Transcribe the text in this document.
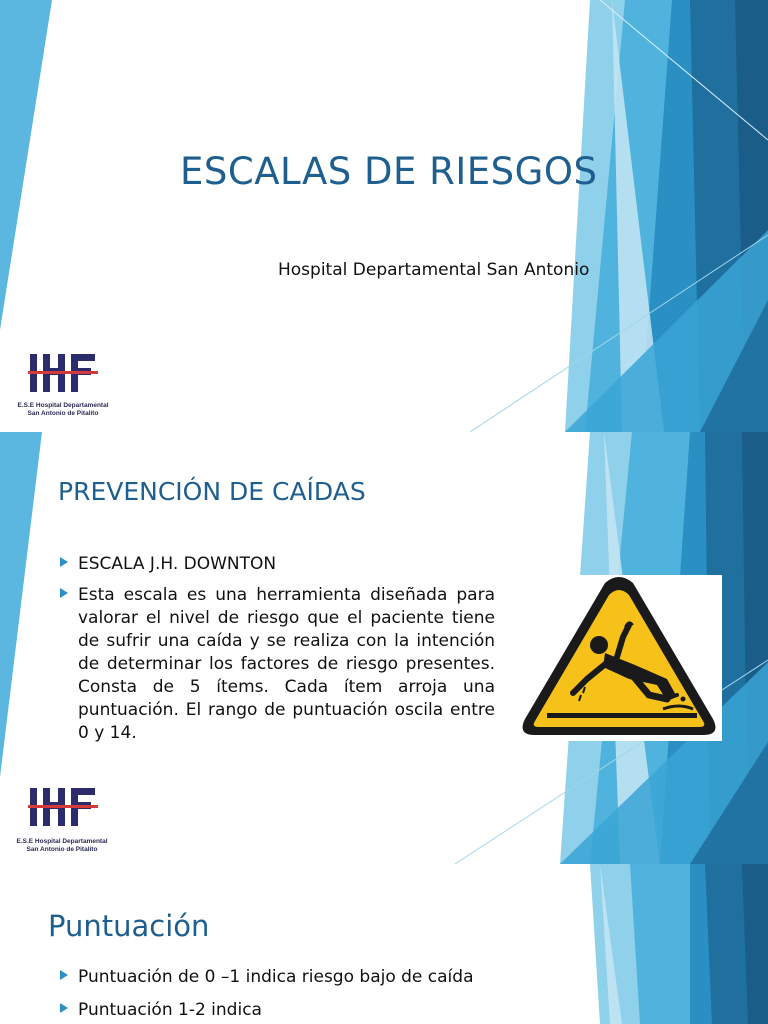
ESCALAS DE RIESGOS
Hospital Departamental San Antonio
E.S.E Hospital Departamental
San Antonio de Pitalito
PREVENCIÓN DE CAÍDAS
ESCALA J.H. DOWNTON
Esta escala es una herramienta diseñada para valorar el nivel de riesgo que el paciente tiene de sufrir una caída y se realiza con la intención de determinar los factores de riesgo presentes. Consta de 5 ítems. Cada ítem arroja una puntuación. El rango de puntuación oscila entre 0 y 14.
E.S.E Hospital Departamental
San Antonio de Pitalito
Puntuación
Puntuación de 0 –1 indica riesgo bajo de caída
Puntuación 1-2 indica
